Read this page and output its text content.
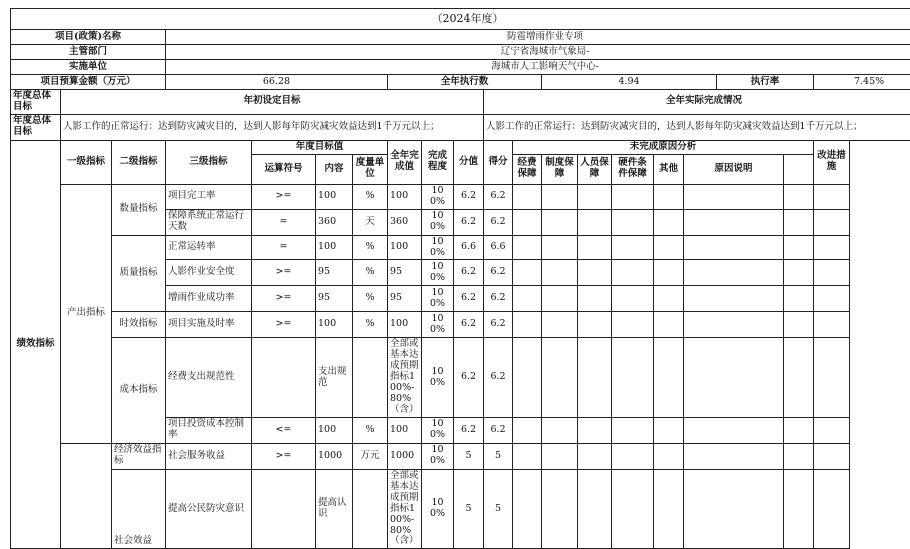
（2024年度）																			
项目(政策)名称			防雹增雨作业专项																
主管部门			辽宁省海城市气象局-																
实施单位			海城市人工影响天气中心-																
项目预算金额（万元）			66.28				全年执行数					4.94					执行率		7.45%
年度总体目标	年初设定目标									全年实际完成情况									
年度总体目标	人影工作的正常运行：达到防灾减灾目的，达到人影每年防灾减灾效益达到1千万元以上；									人影工作的正常运行：达到防灾减灾目的，达到人影每年防灾减灾效益达到1千万元以上；									
绩效指标	一级指标	二级指标	三级指标	年度目标值			全年完成值	完成程度	分值	得分	未完成原因分析								改进措施
				运算符号	内容	度量单位					经费保障	制度保障	人员保障	硬件条件保障	其他	原因说明			
	产出指标	数量指标	项目完工率	>=	100	%	100	100%	6.2	6.2									
			保障系统正常运行天数	=	360	天	360	100%	6.2	6.2									

		质量指标	正常运转率	=	100	%	100	100%	6.6	6.6									
			人影作业安全度	>=	95	%	95	100%	6.2	6.2									

			增雨作业成功率	>=	95	%	95	100%	6.2	6.2									

		时效指标	项目实施及时率	>=	100	%	100	100%	6.2	6.2									

		成本指标	经费支出规范性		支出规范		全部或基本达成预期指标100%-80%（含）	100%	6.2	6.2									

			项目投资成本控制率	<=	100	%	100	100%	6.2	6.2									

		经济效益指标	社会服务收益	>=	1000	万元	1000	100%	5	5									

		社会效益	提高公民防灾意识		提高认识		全部或基本达成预期指标100%-80%（含）	100%	5	5									
